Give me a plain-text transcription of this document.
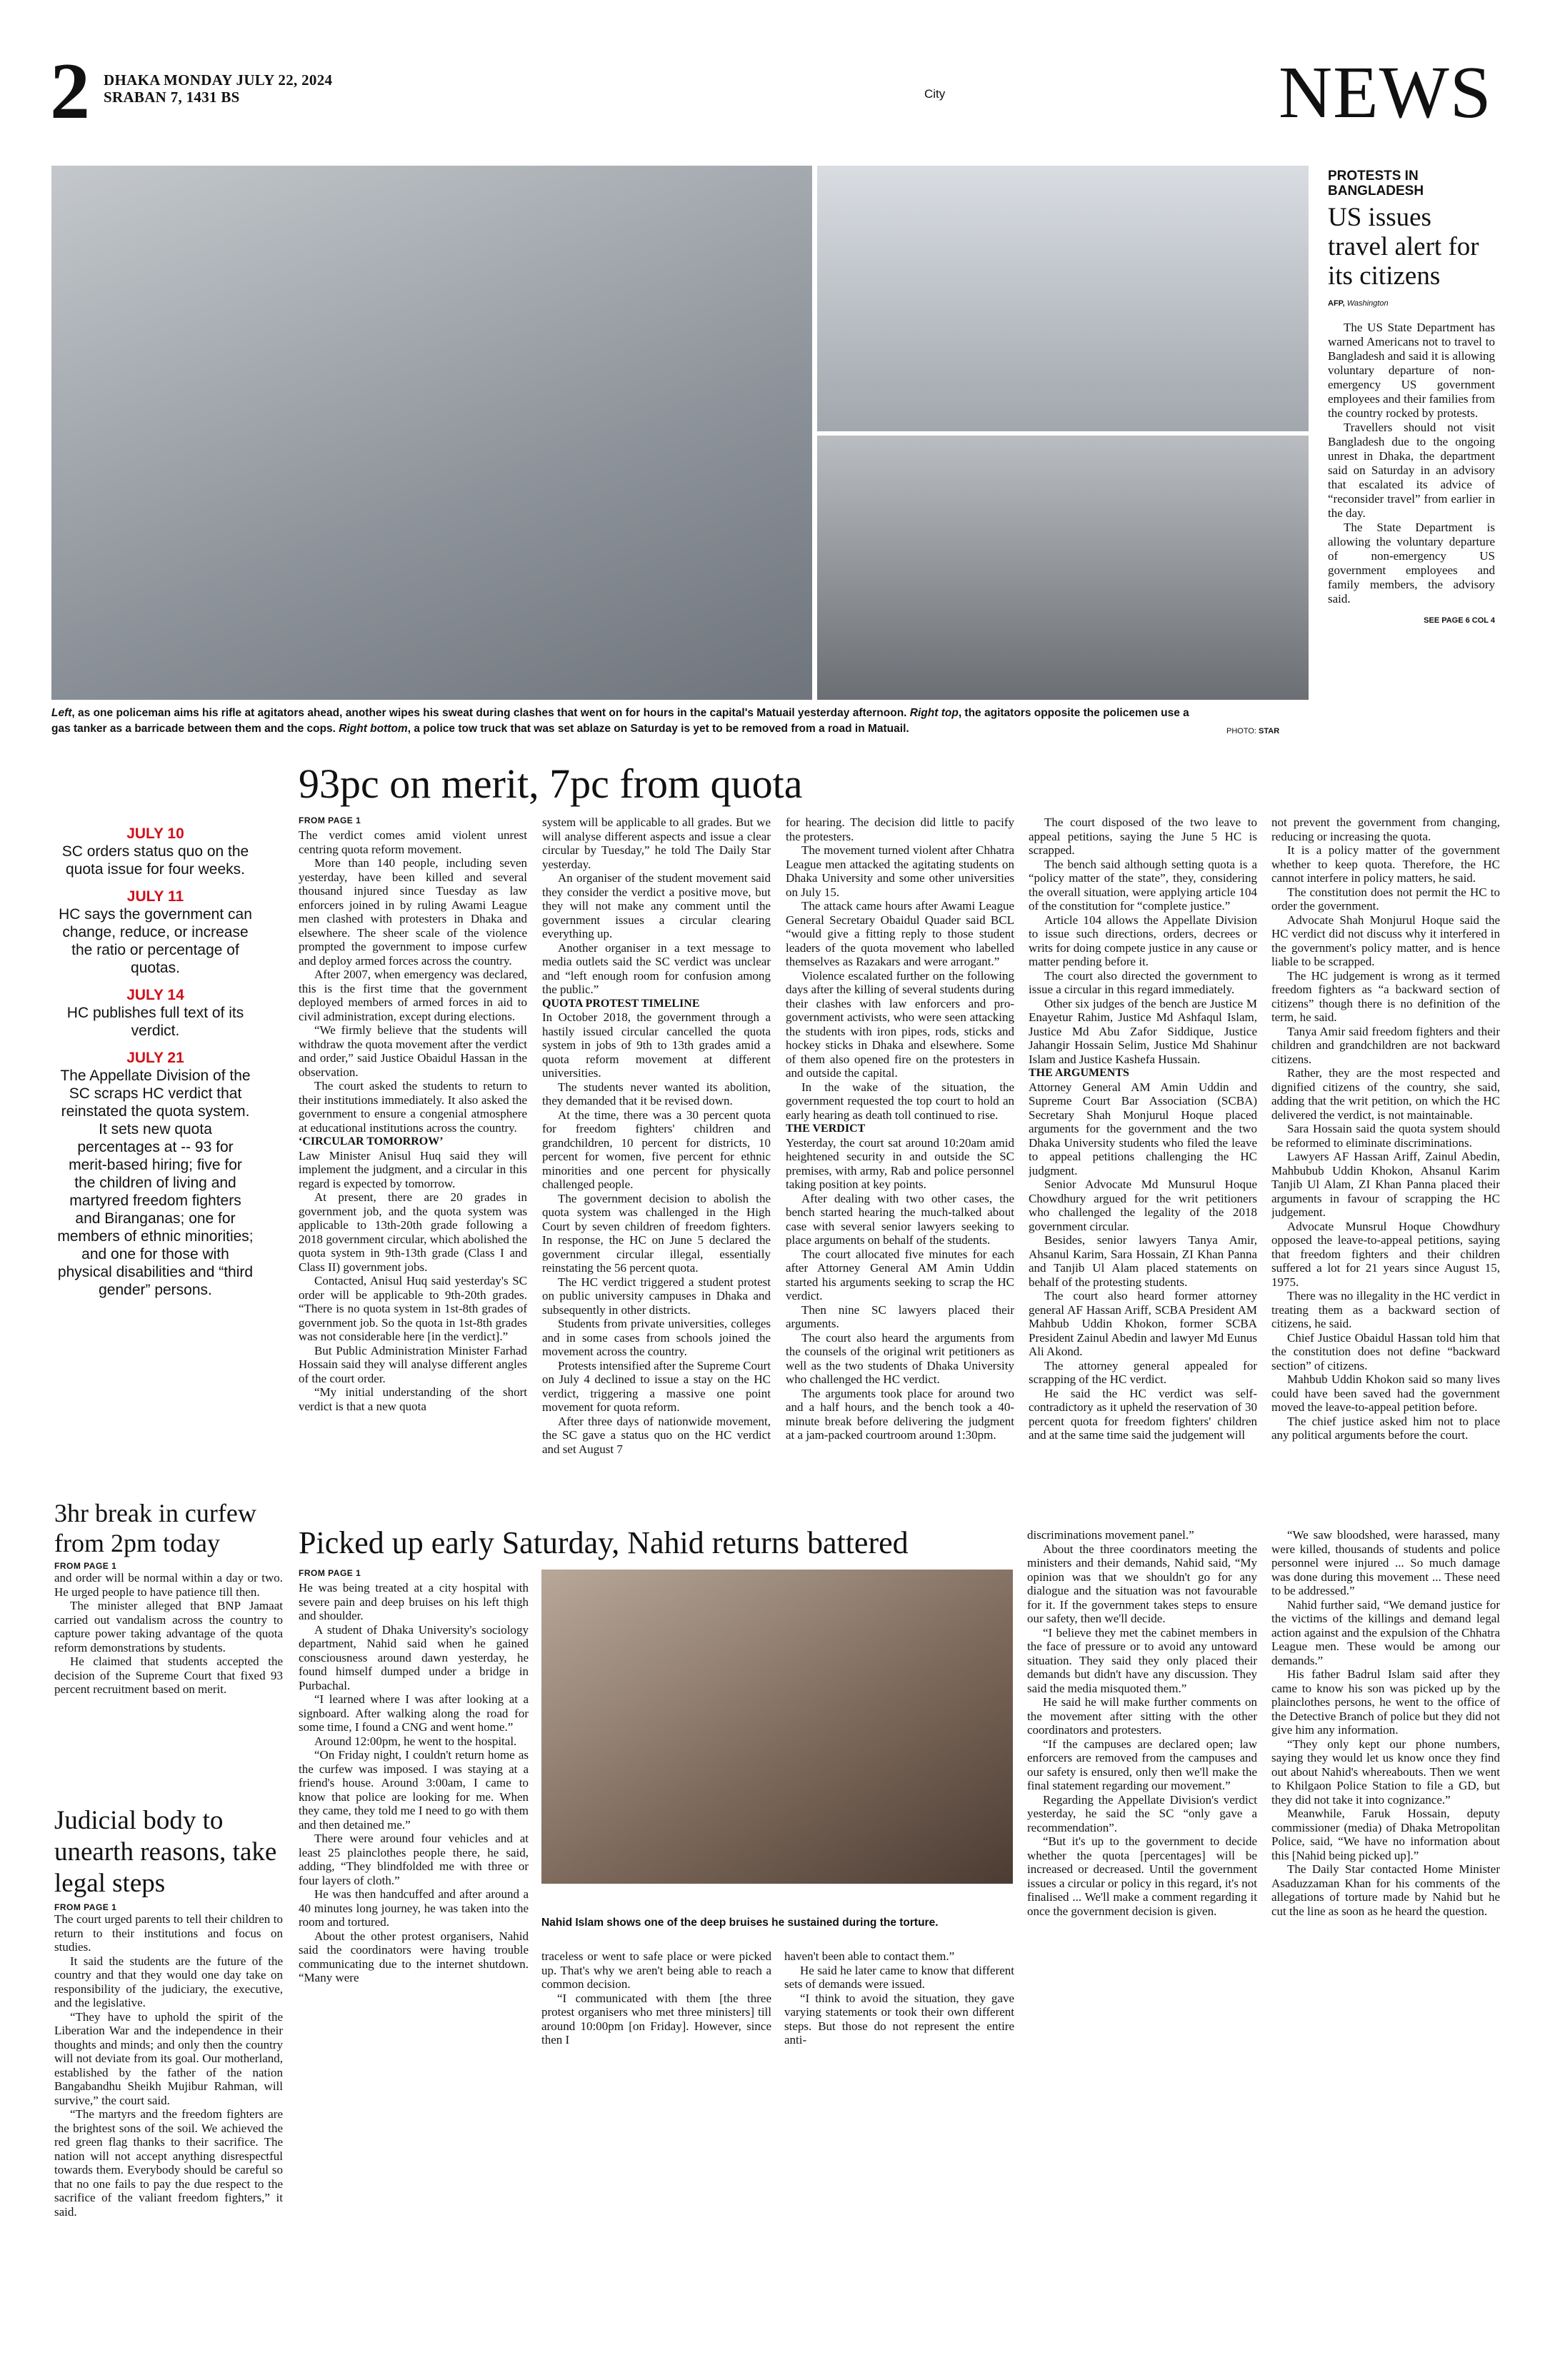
2 DHAKA MONDAY JULY 22, 2024
SRABAN 7, 1431 BS	City	NEWS
Left, as one policeman aims his rifle at agitators ahead, another wipes his sweat during clashes that went on for hours in the capital's Matuail yesterday afternoon. Right top, the agitators opposite the policemen use a gas tanker as a barricade between them and the cops. Right bottom, a police tow truck that was set ablaze on Saturday is yet to be removed from a road in Matuail.	PHOTO: STAR
PROTESTS IN BANGLADESH
US issues travel alert for its citizens
AFP, Washington

The US State Department has warned Americans not to travel to Bangladesh and said it is allowing voluntary departure of non-emergency US government employees and their families from the country rocked by protests.

Travellers should not visit Bangladesh due to the ongoing unrest in Dhaka, the department said on Saturday in an advisory that escalated its advice of “reconsider travel” from earlier in the day.

The State Department is allowing the voluntary departure of non-emergency US government employees and family members, the advisory said.

SEE PAGE 6 COL 4
93pc on merit, 7pc from quota
JULY 10
SC orders status quo on the quota issue for four weeks.
JULY 11
HC says the government can change, reduce, or increase the ratio or percentage of quotas.
JULY 14
HC publishes full text of its verdict.
JULY 21
The Appellate Division of the SC scraps HC verdict that reinstated the quota system. It sets new quota percentages at -- 93 for merit-based hiring; five for the children of living and martyred freedom fighters and Biranganas; one for members of ethnic minorities; and one for those with physical disabilities and “third gender” persons.
3hr break in curfew from 2pm today
FROM PAGE 1

and order will be normal within a day or two. He urged people to have patience till then.

The minister alleged that BNP Jamaat carried out vandalism across the country to capture power taking advantage of the quota reform demonstrations by students.

He claimed that students accepted the decision of the Supreme Court that fixed 93 percent recruitment based on merit.

Judicial body to unearth reasons, take legal steps
FROM PAGE 1

The court urged parents to tell their children to return to their institutions and focus on studies.

It said the students are the future of the country and that they would one day take on responsibility of the judiciary, the executive, and the legislative.

“They have to uphold the spirit of the Liberation War and the independence in their thoughts and minds; and only then the country will not deviate from its goal. Our motherland, established by the father of the nation Bangabandhu Sheikh Mujibur Rahman, will survive,” the court said.

“The martyrs and the freedom fighters are the brightest sons of the soil. We achieved the red green flag thanks to their sacrifice. The nation will not accept anything disrespectful towards them. Everybody should be careful so that no one fails to pay the due respect to the sacrifice of the valiant freedom fighters,” it said.

FROM PAGE 1

The verdict comes amid violent unrest centring quota reform movement.

More than 140 people, including seven yesterday, have been killed and several thousand injured since Tuesday as law enforcers joined in by ruling Awami League men clashed with protesters in Dhaka and elsewhere. The sheer scale of the violence prompted the government to impose curfew and deploy armed forces across the country.

After 2007, when emergency was declared, this is the first time that the government deployed members of armed forces in aid to civil administration, except during elections.

“We firmly believe that the students will withdraw the quota movement after the verdict and order,” said Justice Obaidul Hassan in the observation.

The court asked the students to return to their institutions immediately. It also asked the government to ensure a congenial atmosphere at educational institutions across the country.

‘CIRCULAR TOMORROW’

Law Minister Anisul Huq said they will implement the judgment, and a circular in this regard is expected by tomorrow.

At present, there are 20 grades in government job, and the quota system was applicable to 13th-20th grade following a 2018 government circular, which abolished the quota system in 9th-13th grade (Class I and Class II) government jobs.

Contacted, Anisul Huq said yesterday's SC order will be applicable to 9th-20th grades. “There is no quota system in 1st-8th grades of government job. So the quota in 1st-8th grades was not considerable here [in the verdict].”

But Public Administration Minister Farhad Hossain said they will analyse different angles of the court order.

“My initial understanding of the short verdict is that a new quota

system will be applicable to all grades. But we will analyse different aspects and issue a clear circular by Tuesday,” he told The Daily Star yesterday.

An organiser of the student movement said they consider the verdict a positive move, but they will not make any comment until the government issues a circular clearing everything up.

Another organiser in a text message to media outlets said the SC verdict was unclear and “left enough room for confusion among the public.”

QUOTA PROTEST TIMELINE

In October 2018, the government through a hastily issued circular cancelled the quota system in jobs of 9th to 13th grades amid a quota reform movement at different universities.

The students never wanted its abolition, they demanded that it be revised down.

At the time, there was a 30 percent quota for freedom fighters' children and grandchildren, 10 percent for districts, 10 percent for women, five percent for ethnic minorities and one percent for physically challenged people.

The government decision to abolish the quota system was challenged in the High Court by seven children of freedom fighters. In response, the HC on June 5 declared the government circular illegal, essentially reinstating the 56 percent quota.

The HC verdict triggered a student protest on public university campuses in Dhaka and subsequently in other districts.

Students from private universities, colleges and in some cases from schools joined the movement across the country.

Protests intensified after the Supreme Court on July 4 declined to issue a stay on the HC verdict, triggering a massive one point movement for quota reform.

After three days of nationwide movement, the SC gave a status quo on the HC verdict and set August 7

for hearing. The decision did little to pacify the protesters.

The movement turned violent after Chhatra League men attacked the agitating students on Dhaka University and some other universities on July 15.

The attack came hours after Awami League General Secretary Obaidul Quader said BCL “would give a fitting reply to those student leaders of the quota movement who labelled themselves as Razakars and were arrogant.”

Violence escalated further on the following days after the killing of several students during their clashes with law enforcers and pro-government activists, who were seen attacking the students with iron pipes, rods, sticks and hockey sticks in Dhaka and elsewhere. Some of them also opened fire on the protesters in and outside the capital.

In the wake of the situation, the government requested the top court to hold an early hearing as death toll continued to rise.

THE VERDICT

Yesterday, the court sat around 10:20am amid heightened security in and outside the SC premises, with army, Rab and police personnel taking position at key points.

After dealing with two other cases, the bench started hearing the much-talked about case with several senior lawyers seeking to place arguments on behalf of the students.

The court allocated five minutes for each after Attorney General AM Amin Uddin started his arguments seeking to scrap the HC verdict.

Then nine SC lawyers placed their arguments.

The court also heard the arguments from the counsels of the original writ petitioners as well as the two students of Dhaka University who challenged the HC verdict.

The arguments took place for around two and a half hours, and the bench took a 40-minute break before delivering the judgment at a jam-packed courtroom around 1:30pm.

The court disposed of the two leave to appeal petitions, saying the June 5 HC is scrapped.

The bench said although setting quota is a “policy matter of the state”, they, considering the overall situation, were applying article 104 of the constitution for “complete justice.”

Article 104 allows the Appellate Division to issue such directions, orders, decrees or writs for doing compete justice in any cause or matter pending before it.

The court also directed the government to issue a circular in this regard immediately.

Other six judges of the bench are Justice M Enayetur Rahim, Justice Md Ashfaqul Islam, Justice Md Abu Zafor Siddique, Justice Jahangir Hossain Selim, Justice Md Shahinur Islam and Justice Kashefa Hussain.

THE ARGUMENTS

Attorney General AM Amin Uddin and Supreme Court Bar Association (SCBA) Secretary Shah Monjurul Hoque placed arguments for the government and the two Dhaka University students who filed the leave to appeal petitions challenging the HC judgment.

Senior Advocate Md Munsurul Hoque Chowdhury argued for the writ petitioners who challenged the legality of the 2018 government circular.

Besides, senior lawyers Tanya Amir, Ahsanul Karim, Sara Hossain, ZI Khan Panna and Tanjib Ul Alam placed statements on behalf of the protesting students.

The court also heard former attorney general AF Hassan Ariff, SCBA President AM Mahbub Uddin Khokon, former SCBA President Zainul Abedin and lawyer Md Eunus Ali Akond.

The attorney general appealed for scrapping of the HC verdict.

He said the HC verdict was self-contradictory as it upheld the reservation of 30 percent quota for freedom fighters' children and at the same time said the judgement will

not prevent the government from changing, reducing or increasing the quota.

It is a policy matter of the government whether to keep quota. Therefore, the HC cannot interfere in policy matters, he said.

The constitution does not permit the HC to order the government.

Advocate Shah Monjurul Hoque said the HC verdict did not discuss why it interfered in the government's policy matter, and is hence liable to be scrapped.

The HC judgement is wrong as it termed freedom fighters as “a backward section of citizens” though there is no definition of the term, he said.

Tanya Amir said freedom fighters and their children and grandchildren are not backward citizens.

Rather, they are the most respected and dignified citizens of the country, she said, adding that the writ petition, on which the HC delivered the verdict, is not maintainable.

Sara Hossain said the quota system should be reformed to eliminate discriminations.

Lawyers AF Hassan Ariff, Zainul Abedin, Mahbubub Uddin Khokon, Ahsanul Karim Tanjib Ul Alam, ZI Khan Panna placed their arguments in favour of scrapping the HC judgement.

Advocate Munsrul Hoque Chowdhury opposed the leave-to-appeal petitions, saying that freedom fighters and their children suffered a lot for 21 years since August 15, 1975.

There was no illegality in the HC verdict in treating them as a backward section of citizens, he said.

Chief Justice Obaidul Hassan told him that the constitution does not define “backward section” of citizens.

Mahbub Uddin Khokon said so many lives could have been saved had the government moved the leave-to-appeal petition before.

The chief justice asked him not to place any political arguments before the court.

Picked up early Saturday, Nahid returns battered
FROM PAGE 1

He was being treated at a city hospital with severe pain and deep bruises on his left thigh and shoulder.

A student of Dhaka University's sociology department, Nahid said when he gained consciousness around dawn yesterday, he found himself dumped under a bridge in Purbachal.

“I learned where I was after looking at a signboard. After walking along the road for some time, I found a CNG and went home.”

Around 12:00pm, he went to the hospital.

“On Friday night, I couldn't return home as the curfew was imposed. I was staying at a friend's house. Around 3:00am, I came to know that police are looking for me. When they came, they told me I need to go with them and then detained me.”

There were around four vehicles and at least 25 plainclothes people there, he said, adding, “They blindfolded me with three or four layers of cloth.”

He was then handcuffed and after around a 40 minutes long journey, he was taken into the room and tortured.

About the other protest organisers, Nahid said the coordinators were having trouble communicating due to the internet shutdown. “Many were

Nahid Islam shows one of the deep bruises he sustained during the torture.

traceless or went to safe place or were picked up. That's why we aren't being able to reach a common decision.

“I communicated with them [the three protest organisers who met three ministers] till around 10:00pm [on Friday]. However, since then I

haven't been able to contact them.”

He said he later came to know that different sets of demands were issued.

“I think to avoid the situation, they gave varying statements or took their own different steps. But those do not represent the entire anti-

discriminations movement panel.”

About the three coordinators meeting the ministers and their demands, Nahid said, “My opinion was that we shouldn't go for any dialogue and the situation was not favourable for it. If the government takes steps to ensure our safety, then we'll decide.

“I believe they met the cabinet members in the face of pressure or to avoid any untoward situation. They said they only placed their demands but didn't have any discussion. They said the media misquoted them.”

He said he will make further comments on the movement after sitting with the other coordinators and protesters.

“If the campuses are declared open; law enforcers are removed from the campuses and our safety is ensured, only then we'll make the final statement regarding our movement.”

Regarding the Appellate Division's verdict yesterday, he said the SC “only gave a recommendation”.

“But it's up to the government to decide whether the quota [percentages] will be increased or decreased. Until the government issues a circular or policy in this regard, it's not finalised ... We'll make a comment regarding it once the government decision is given.

“We saw bloodshed, were harassed, many were killed, thousands of students and police personnel were injured ... So much damage was done during this movement ... These need to be addressed.”

Nahid further said, “We demand justice for the victims of the killings and demand legal action against and the expulsion of the Chhatra League men. These would be among our demands.”

His father Badrul Islam said after they came to know his son was picked up by the plainclothes persons, he went to the office of the Detective Branch of police but they did not give him any information.

“They only kept our phone numbers, saying they would let us know once they find out about Nahid's whereabouts. Then we went to Khilgaon Police Station to file a GD, but they did not take it into cognizance.”

Meanwhile, Faruk Hossain, deputy commissioner (media) of Dhaka Metropolitan Police, said, “We have no information about this [Nahid being picked up].”

The Daily Star contacted Home Minister Asaduzzaman Khan for his comments of the allegations of torture made by Nahid but he cut the line as soon as he heard the question.
